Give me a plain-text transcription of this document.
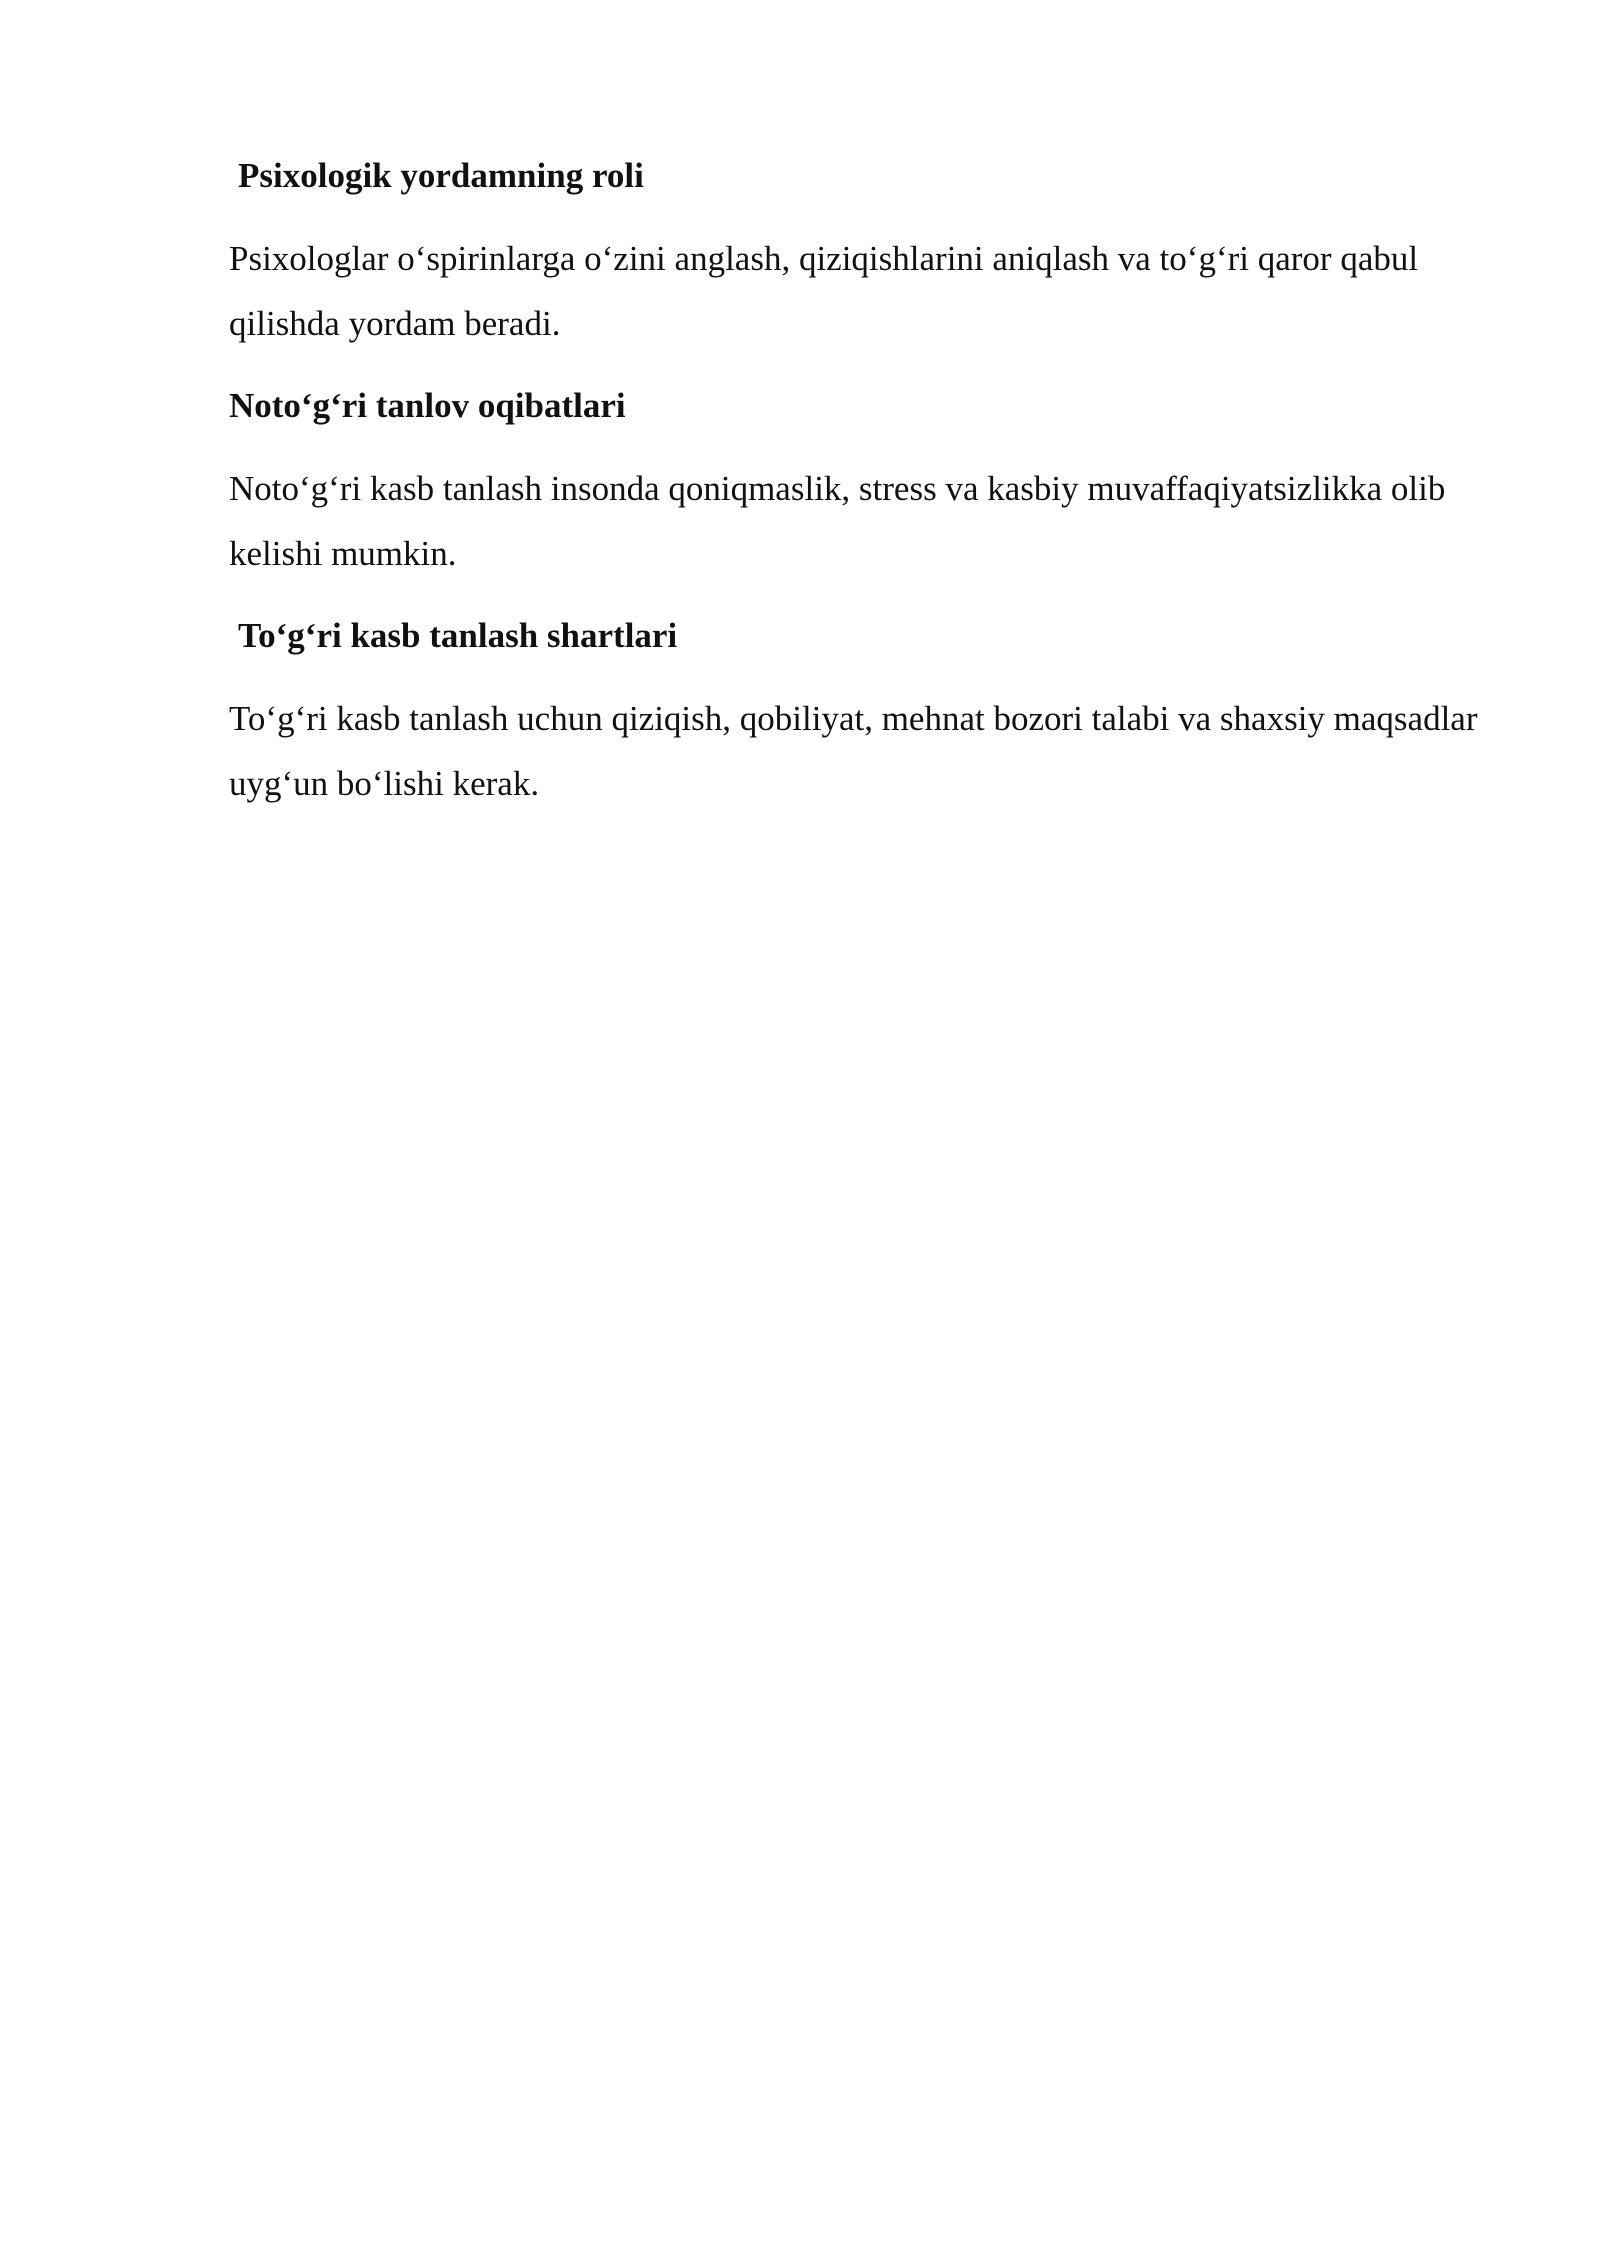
Psixologik yordamning roli

Psixologlar o‘spirinlarga o‘zini anglash, qiziqishlarini aniqlash va to‘g‘ri qaror qabul qilishda yordam beradi.

Noto‘g‘ri tanlov oqibatlari

Noto‘g‘ri kasb tanlash insonda qoniqmaslik, stress va kasbiy muvaffaqiyatsizlikka olib kelishi mumkin.

To‘g‘ri kasb tanlash shartlari

To‘g‘ri kasb tanlash uchun qiziqish, qobiliyat, mehnat bozori talabi va shaxsiy maqsadlar uyg‘un bo‘lishi kerak.
